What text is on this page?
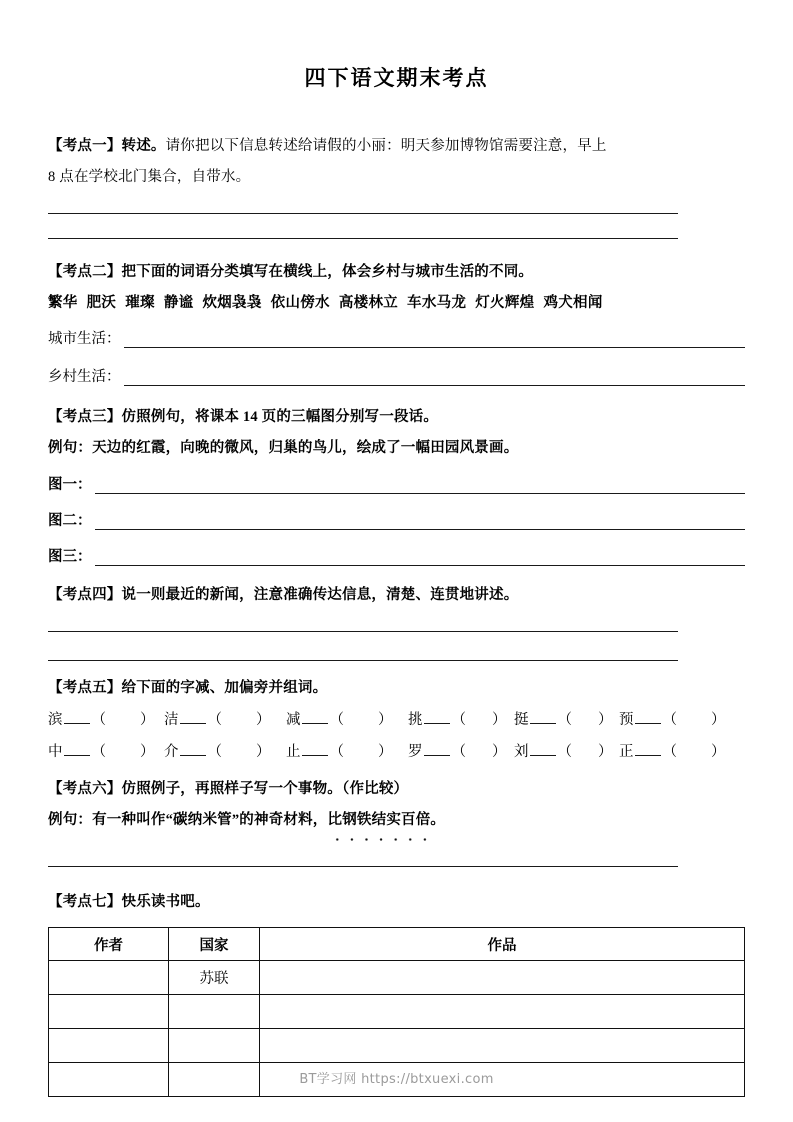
四下语文期末考点
【考点一】转述。请你把以下信息转述给请假的小丽：明天参加博物馆需要注意，早上
8 点在学校北门集合，自带水。
【考点二】把下面的词语分类填写在横线上，体会乡村与城市生活的不同。
繁华 肥沃 璀璨 静谧 炊烟袅袅 依山傍水 高楼林立 车水马龙 灯火辉煌 鸡犬相闻
城市生活：
乡村生活：
【考点三】仿照例句，将课本 14 页的三幅图分别写一段话。
例句：天边的红霞，向晚的微风，归巢的鸟儿，绘成了一幅田园风景画。
图一：
图二：
图三：
【考点四】说一则最近的新闻，注意准确传达信息，清楚、连贯地讲述。
【考点五】给下面的字减、加偏旁并组词。
滨 （ ） 洁 （ ） 减 （ ） 挑 （ ） 挺 （ ） 预 （ ）
中 （ ） 介 （ ） 止 （ ） 罗 （ ） 刘 （ ） 正 （ ）
【考点六】仿照例子，再照样子写一个事物。（作比较）
例句：有一种叫作“碳纳米管”的神奇材料，比钢铁结实百倍。
【考点七】快乐读书吧。
作者	国家	作品
	苏联	

BT学习网 https://btxuexi.com
